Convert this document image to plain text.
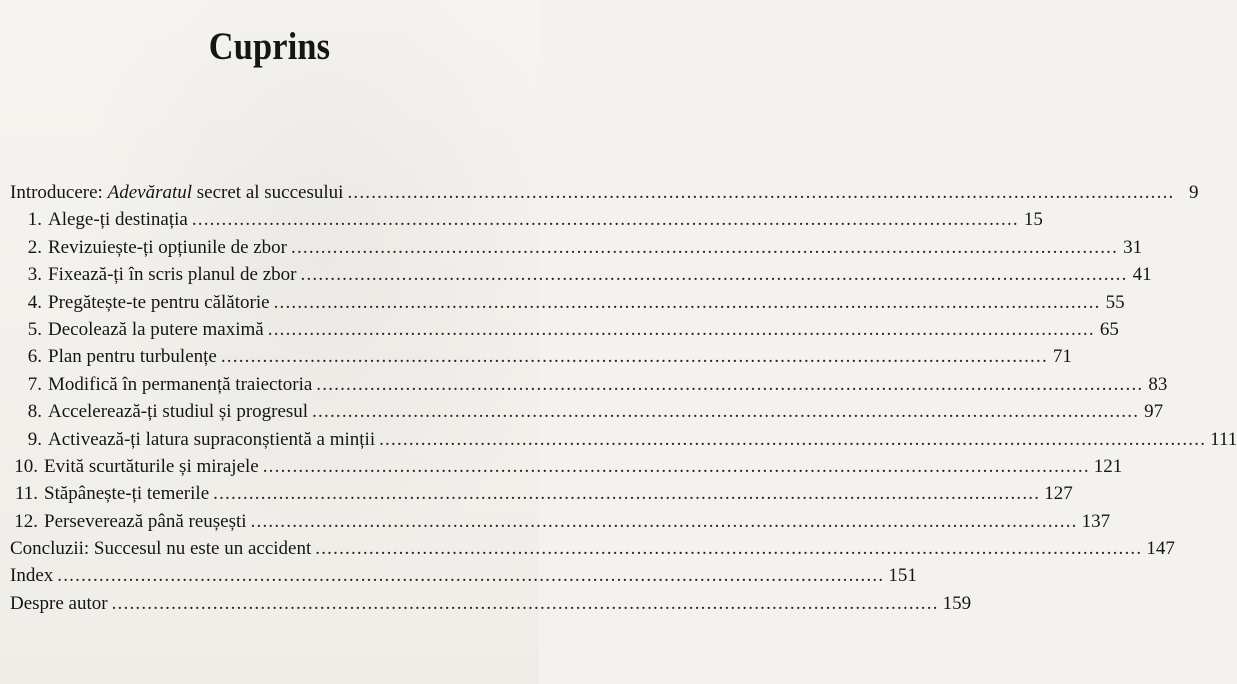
Cuprins
Introducere: Adevăratul secret al succesului .....	9
1. Alege-ți destinația .....	15
2. Revizuiește-ți opțiunile de zbor .....	31
3. Fixează-ți în scris planul de zbor .....	41
4. Pregătește-te pentru călătorie .....	55
5. Decolează la putere maximă .....	65
6. Plan pentru turbulențe .....	71
7. Modifică în permanență traiectoria .....	83
8. Accelerează-ți studiul și progresul .....	97
9. Activează-ți latura supraconștientă a minții .....	111
10. Evită scurtăturile și mirajele .....	121
11. Stăpânește-ți temerile .....	127
12. Perseverează până reușești .....	137
Concluzii: Succesul nu este un accident .....	147
Index .....	151
Despre autor .....	159
